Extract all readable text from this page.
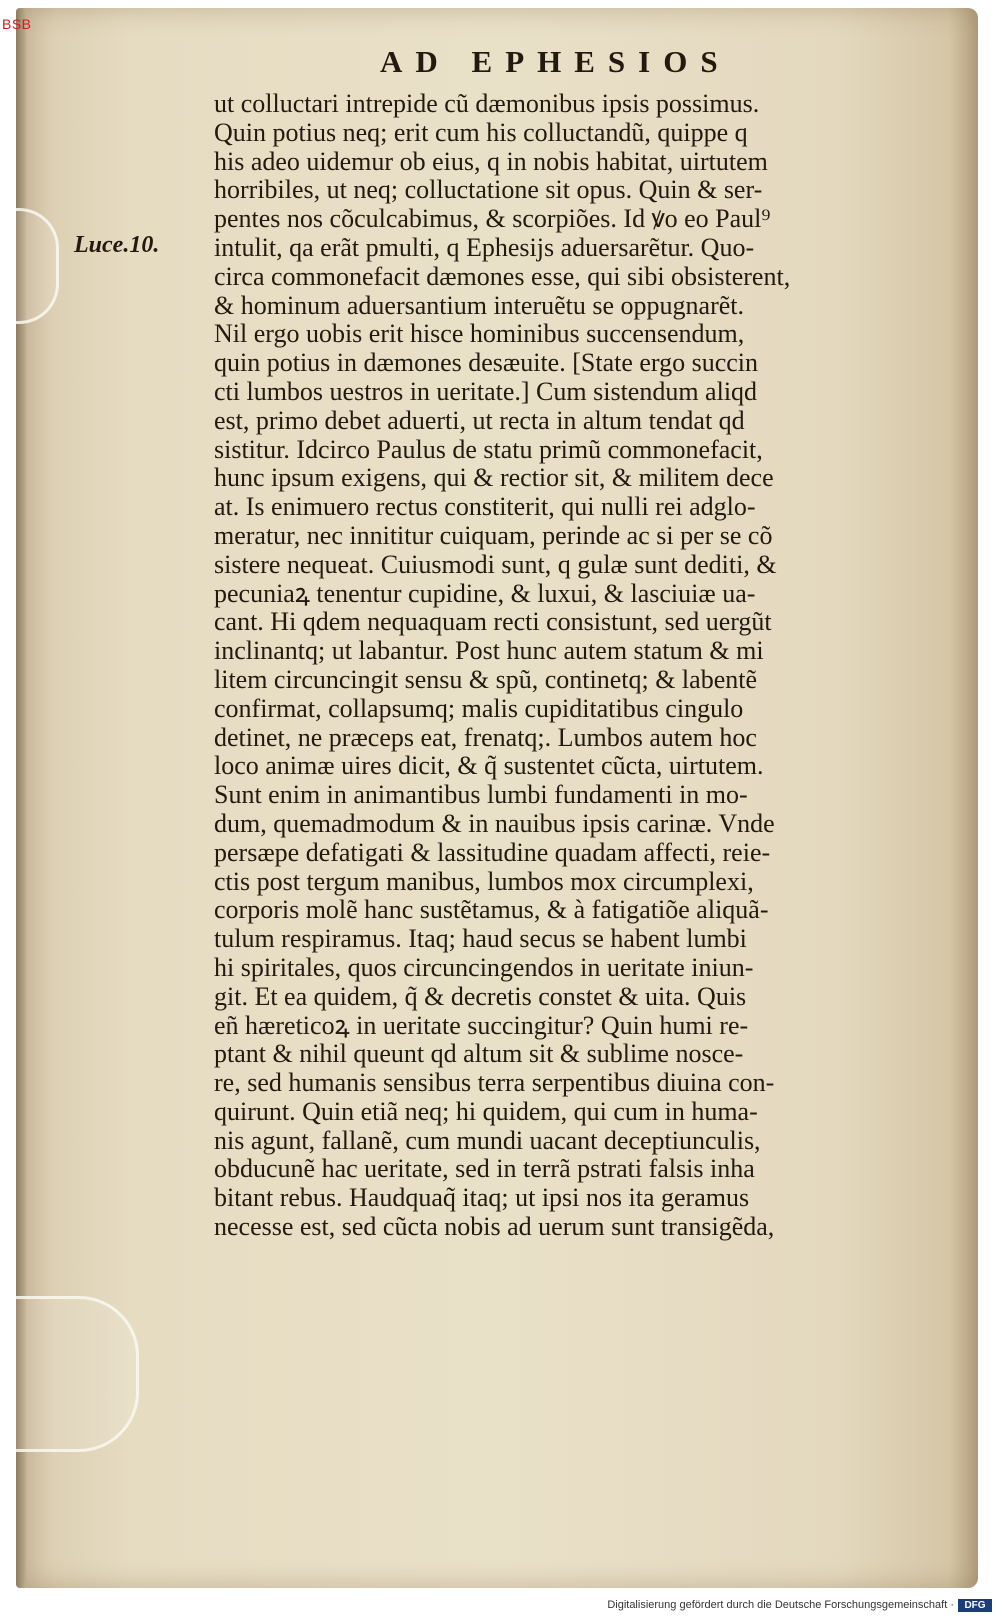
BSB
AD EPHESIOS
Luce.10.
ut colluctari intrepide cũ dæmonibus ipsis possimus.
Quin potius neq; erit cum his colluctandũ, quippe q
his adeo uidemur ob eius, q in nobis habitat, uirtutem
horribiles, ut neq; colluctatione sit opus. Quin & ser-
pentes nos cõculcabimus, & scorpiões. Id ꝟo eo Paul⁹
intulit, qa erãt pmulti, q Ephesijs aduersarẽtur. Quo-
circa commonefacit dæmones esse, qui sibi obsisterent,
& hominum aduersantium interuẽtu se oppugnarẽt.
Nil ergo uobis erit hisce hominibus succensendum,
quin potius in dæmones desæuite. [State ergo succin
cti lumbos uestros in ueritate.] Cum sistendum aliqd
est, primo debet aduerti, ut recta in altum tendat qd
sistitur. Idcirco Paulus de statu primũ commonefacit,
hunc ipsum exigens, qui & rectior sit, & militem dece
at. Is enimuero rectus constiterit, qui nulli rei adglo-
meratur, nec innititur cuiquam, perinde ac si per se cõ
sistere nequeat. Cuiusmodi sunt, q gulæ sunt dediti, &
pecuniaꝝ tenentur cupidine, & luxui, & lasciuiæ ua-
cant. Hi qdem nequaquam recti consistunt, sed uergũt
inclinantq; ut labantur. Post hunc autem statum & mi
litem circuncingit sensu & spũ, continetq; & labentẽ
confirmat, collapsumq; malis cupiditatibus cingulo
detinet, ne præceps eat, frenatq;. Lumbos autem hoc
loco animæ uires dicit, & q̃ sustentet cũcta, uirtutem.
Sunt enim in animantibus lumbi fundamenti in mo-
dum, quemadmodum & in nauibus ipsis carinæ. Vnde
persæpe defatigati & lassitudine quadam affecti, reie-
ctis post tergum manibus, lumbos mox circumplexi,
corporis molẽ hanc sustẽtamus, & à fatigatiõe aliquã-
tulum respiramus. Itaq; haud secus se habent lumbi
hi spiritales, quos circuncingendos in ueritate iniun-
git. Et ea quidem, q̃ & decretis constet & uita. Quis
eñ hæreticoꝝ in ueritate succingitur? Quin humi re-
ptant & nihil queunt qd altum sit & sublime nosce-
re, sed humanis sensibus terra serpentibus diuina con-
quirunt. Quin etiã neq; hi quidem, qui cum in huma-
nis agunt, fallanẽ, cum mundi uacant deceptiunculis,
obducunẽ hac ueritate, sed in terrã pstrati falsis inha
bitant rebus. Haudquaq̃ itaq; ut ipsi nos ita geramus
necesse est, sed cũcta nobis ad uerum sunt transigẽda,
Digitalisierung gefördert durch die Deutsche Forschungsgemeinschaft ·	DFG
